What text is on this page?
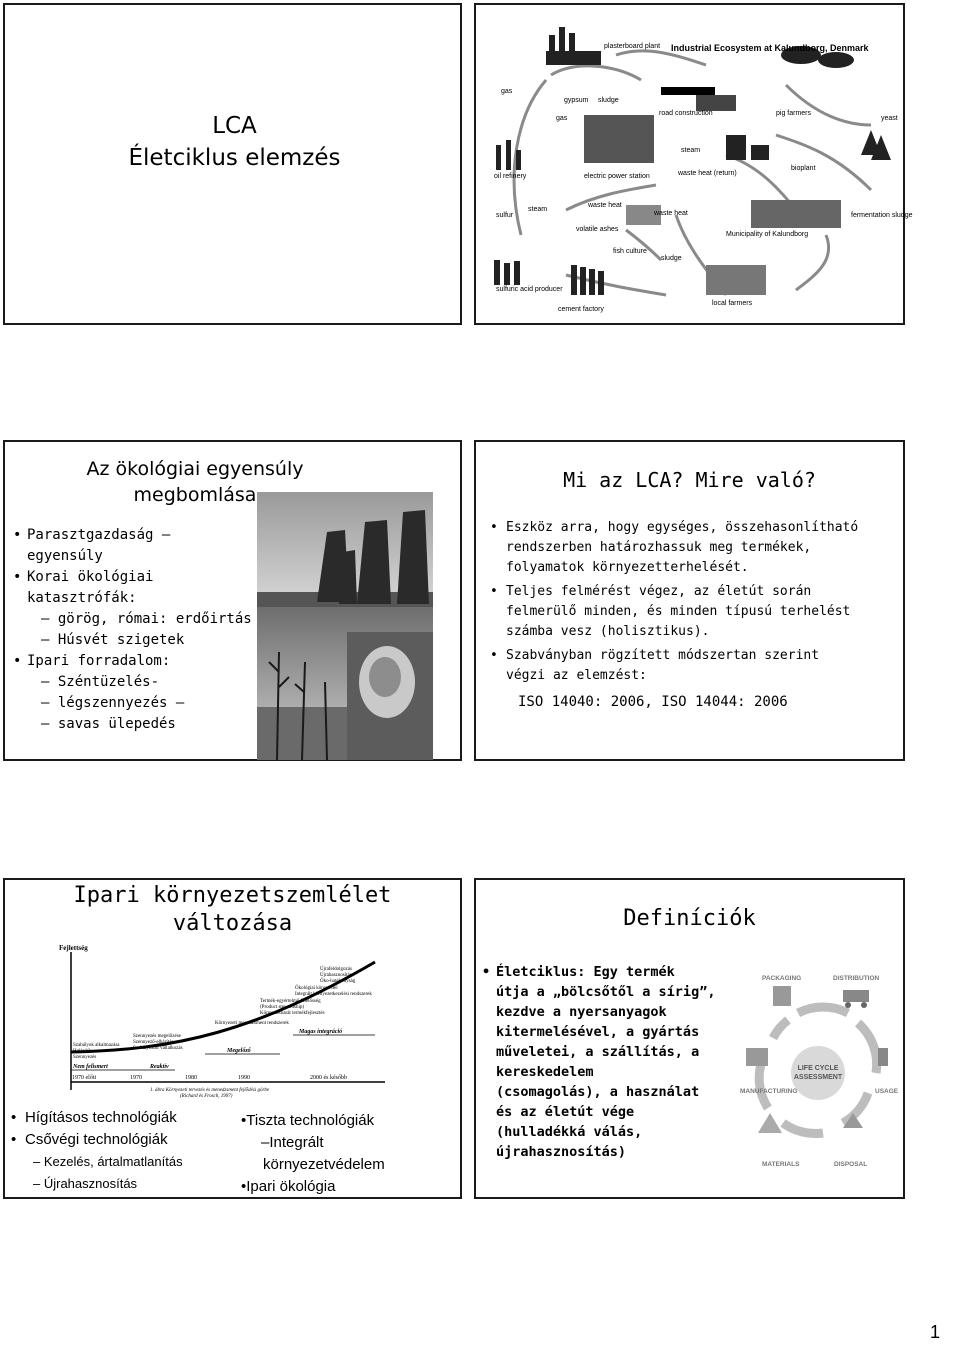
LCA
Életciklus elemzés
plasterboard plant
gas
gypsum sludge
gas
road construction	pig farmers
yeast
oil refinery	electric power station
steam
waste heat (return)
bioplant
sulfur
steam
waste heat
waste heat
volatile ashes
fermentation sludge
Municipality of Kalundborg
fish culture
sludge
sulfuric acid producer
cement factory
local farmers
Industrial Ecosystem at Kalundborg, Denmark
Az ökológiai egyensúly
megbomlása
• Parasztgazdaság –
egyensúly
• Korai ökológiai
katasztrófák:
– görög, római: erdőirtás
– Húsvét szigetek
• Ipari forradalom:
– Széntüzelés-
– légszennyezés –
– savas ülepedés
Mi az LCA? Mire való?
• Eszköz arra, hogy egységes, összehasonlítható
rendszerben határozhassuk meg termékek,
folyamatok környezetterhelését.
• Teljes felmérést végez, az életút során
felmerülő minden, és minden típusú terhelést
számba vesz (holisztikus).
• Szabványban rögzített módszertan szerint
végzi az elemzést:
ISO 14040: 2006, ISO 14044: 2006
Ipari környezetszemlélet
változása
Fejlettség
Újrafeldolgozás
Újrahasznosítás
Öko-hatékonyság
Ökológiai könyvvitel
Integrált környezetkezelési rendszerek
Termék-egyértelmű felelősség
(Product stewardship)
Környezetbarát termékfejlesztés
Környezeti menedzsment rendszerek
Szennyezés megelőzése
Szennyező-elhárítás
Szabályozott vállalkozás
Szabályok alkalmazása
Hulladék
Szennyezés
Nem felismert	Reaktív
Megelőző
Magas integráció
1970 előtt	1970	1980	1990	2000 és később
1. ábra Környezeti tervezés és menedzsment fejlődési görbe
(Richard és Frosch, 1997)
• Hígításos technológiák
• Csővégi technológiák
– Kezelés, ártalmatlanítás
– Újrahasznosítás
•Tiszta technológiák
–Integrált
környezetvédelem
•Ipari ökológia
Definíciók
• Életciklus: Egy termék
útja a „bölcsőtől a sírig”,
kezdve a nyersanyagok
kitermelésével, a gyártás
műveletei, a szállítás, a
kereskedelem
(csomagolás), a használat
és az életút vége
(hulladékká válás,
újrahasznosítás)
LIFE CYCLE
ASSESSMENT
PACKAGING	DISTRIBUTION
USAGE
DISPOSAL
MATERIALS
MANUFACTURING
1
